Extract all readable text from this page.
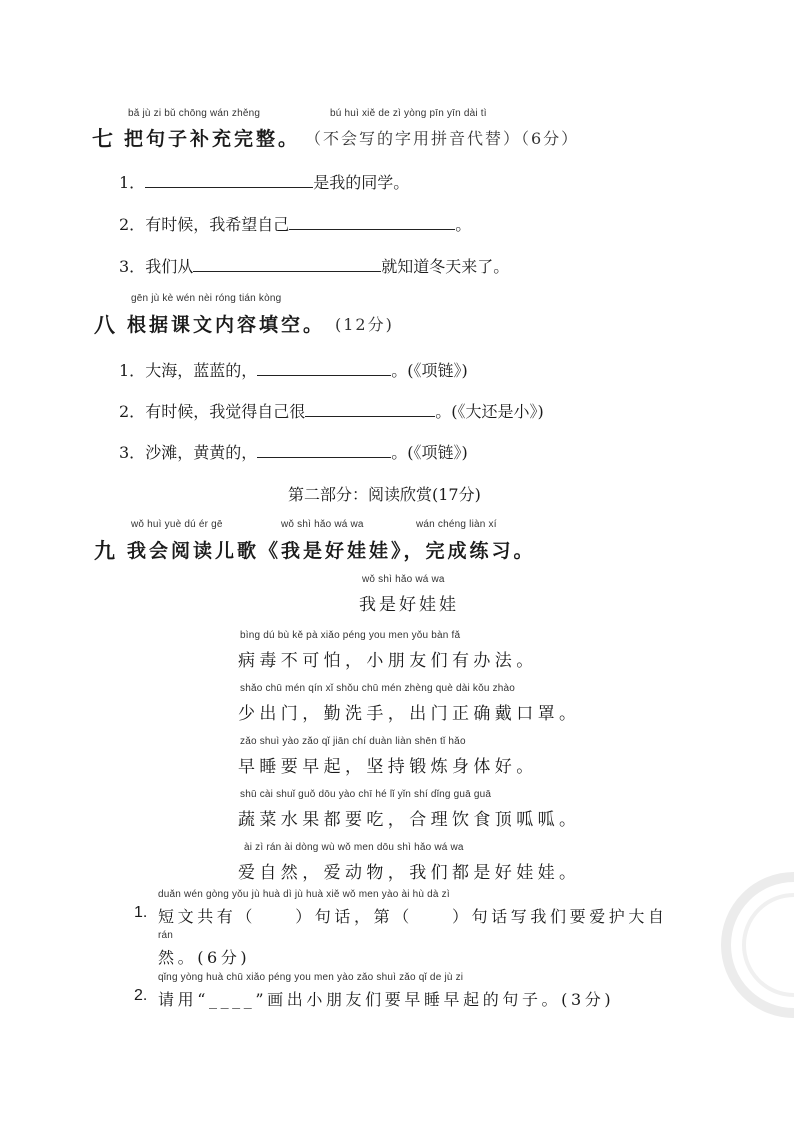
bǎ jù zi bǔ chōng wán zhěng	bú huì xiě de zì yòng pīn yīn dài tì
七 把句子补充完整。 （不会写的字用拼音代替）（6分）
1．	是我的同学。
2．有时候，我希望自己	。
3．我们从	就知道冬天来了。
gēn jù kè wén nèi róng tián kòng
八 根据课文内容填空。 (12分)
1．大海，蓝蓝的，	。(《项链》)
2．有时候，我觉得自己很	。(《大还是小》)
3．沙滩，黄黄的，	。(《项链》)
第二部分：阅读欣赏(17分)
wǒ huì yuè dú ér gē	wǒ shì hǎo wá wa	wán chéng liàn xí
九 我会阅读儿歌《我是好娃娃》，完成练习。
wǒ shì hǎo wá wa
我是好娃娃
bìng dú bù kě pà xiǎo péng you men yǒu bàn fǎ
病毒不可怕，小朋友们有办法。
shǎo chū mén qín xǐ shǒu chū mén zhèng què dài kǒu zhào
少出门，勤洗手，出门正确戴口罩。
zǎo shuì yào zǎo qǐ jiān chí duàn liàn shēn tǐ hǎo
早睡要早起，坚持锻炼身体好。
shū cài shuǐ guǒ dōu yào chī hé lǐ yǐn shí dǐng guā guā
蔬菜水果都要吃，合理饮食顶呱呱。
ài zì rán ài dòng wù wǒ men dōu shì hǎo wá wa
爱自然，爱动物，我们都是好娃娃。
duǎn wén gòng yǒu jù huà dì jù huà xiě wǒ men yào ài hù dà zì
1. 短文共有（　　）句话，第（　　）句话写我们要爱护大自
rán
然。(6分)
qǐng yòng huà chū xiǎo péng you men yào zǎo shuì zǎo qǐ de jù zi
2. 请用“____”画出小朋友们要早睡早起的句子。(3分)
